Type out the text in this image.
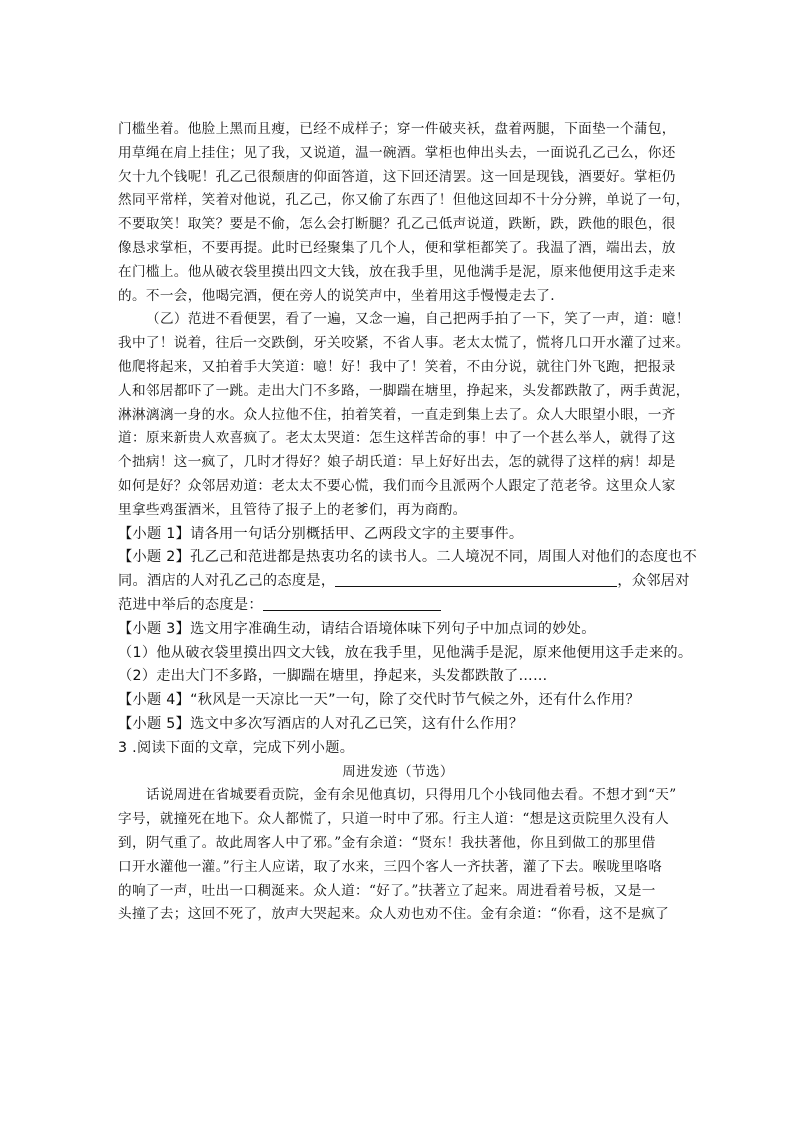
门槛坐着。他脸上黑而且瘦，已经不成样子；穿一件破夹袄，盘着两腿，下面垫一个蒲包，
用草绳在肩上挂住；见了我，又说道，温一碗酒。掌柜也伸出头去，一面说孔乙己么，你还
欠十九个钱呢！孔乙己很颓唐的仰面答道，这下回还清罢。这一回是现钱，酒要好。掌柜仍
然同平常样，笑着对他说，孔乙己，你又偷了东西了！但他这回却不十分分辨，单说了一句，
不要取笑！取笑？要是不偷，怎么会打断腿？孔乙己低声说道，跌断，跌，跌他的眼色，很
像恳求掌柜，不要再提。此时已经聚集了几个人，便和掌柜都笑了。我温了酒，端出去，放
在门槛上。他从破衣袋里摸出四文大钱，放在我手里，见他满手是泥，原来他便用这手走来
的。不一会，他喝完酒，便在旁人的说笑声中，坐着用这手慢慢走去了.
（乙）范进不看便罢，看了一遍，又念一遍，自己把两手拍了一下，笑了一声，道：噫！
我中了！说着，往后一交跌倒，牙关咬紧，不省人事。老太太慌了，慌将几口开水灌了过来。
他爬将起来，又拍着手大笑道：噫！好！我中了！笑着，不由分说，就往门外飞跑，把报录
人和邻居都吓了一跳。走出大门不多路，一脚踹在塘里，挣起来，头发都跌散了，两手黄泥，
淋淋漓漓一身的水。众人拉他不住，拍着笑着，一直走到集上去了。众人大眼望小眼，一齐
道：原来新贵人欢喜疯了。老太太哭道：怎生这样苦命的事！中了一个甚么举人，就得了这
个拙病！这一疯了，几时才得好？娘子胡氏道：早上好好出去，怎的就得了这样的病！却是
如何是好？众邻居劝道：老太太不要心慌，我们而今且派两个人跟定了范老爷。这里众人家
里拿些鸡蛋酒米，且管待了报子上的老爹们，再为商酌。
【小题 1】请各用一句话分别概括甲、乙两段文字的主要事件。
【小题 2】孔乙己和范进都是热衷功名的读书人。二人境况不同，周围人对他们的态度也不
同。酒店的人对孔乙己的态度是，	，众邻居对
范进中举后的态度是：
【小题 3】选文用字准确生动，请结合语境体味下列句子中加点词的妙处。
（1）他从破衣袋里摸出四文大钱，放在我手里，见他满手是泥，原来他便用这手走来的。
（2）走出大门不多路，一脚踹在塘里，挣起来，头发都跌散了……
【小题 4】“秋风是一天凉比一天”一句，除了交代时节气候之外，还有什么作用？
【小题 5】选文中多次写酒店的人对孔乙已笑，这有什么作用？
3 .阅读下面的文章，完成下列小题。
周进发迹（节选）
话说周进在省城要看贡院，金有余见他真切，只得用几个小钱同他去看。不想才到“天”
字号，就撞死在地下。众人都慌了，只道一时中了邪。行主人道：“想是这贡院里久没有人
到，阴气重了。故此周客人中了邪。”金有余道：“贤东！我扶著他，你且到做工的那里借
口开水灌他一灌。”行主人应诺，取了水来，三四个客人一齐扶著，灌了下去。喉咙里咯咯
的响了一声，吐出一口稠涎来。众人道：“好了。”扶著立了起来。周进看着号板，又是一
头撞了去；这回不死了，放声大哭起来。众人劝也劝不住。金有余道：“你看，这不是疯了
